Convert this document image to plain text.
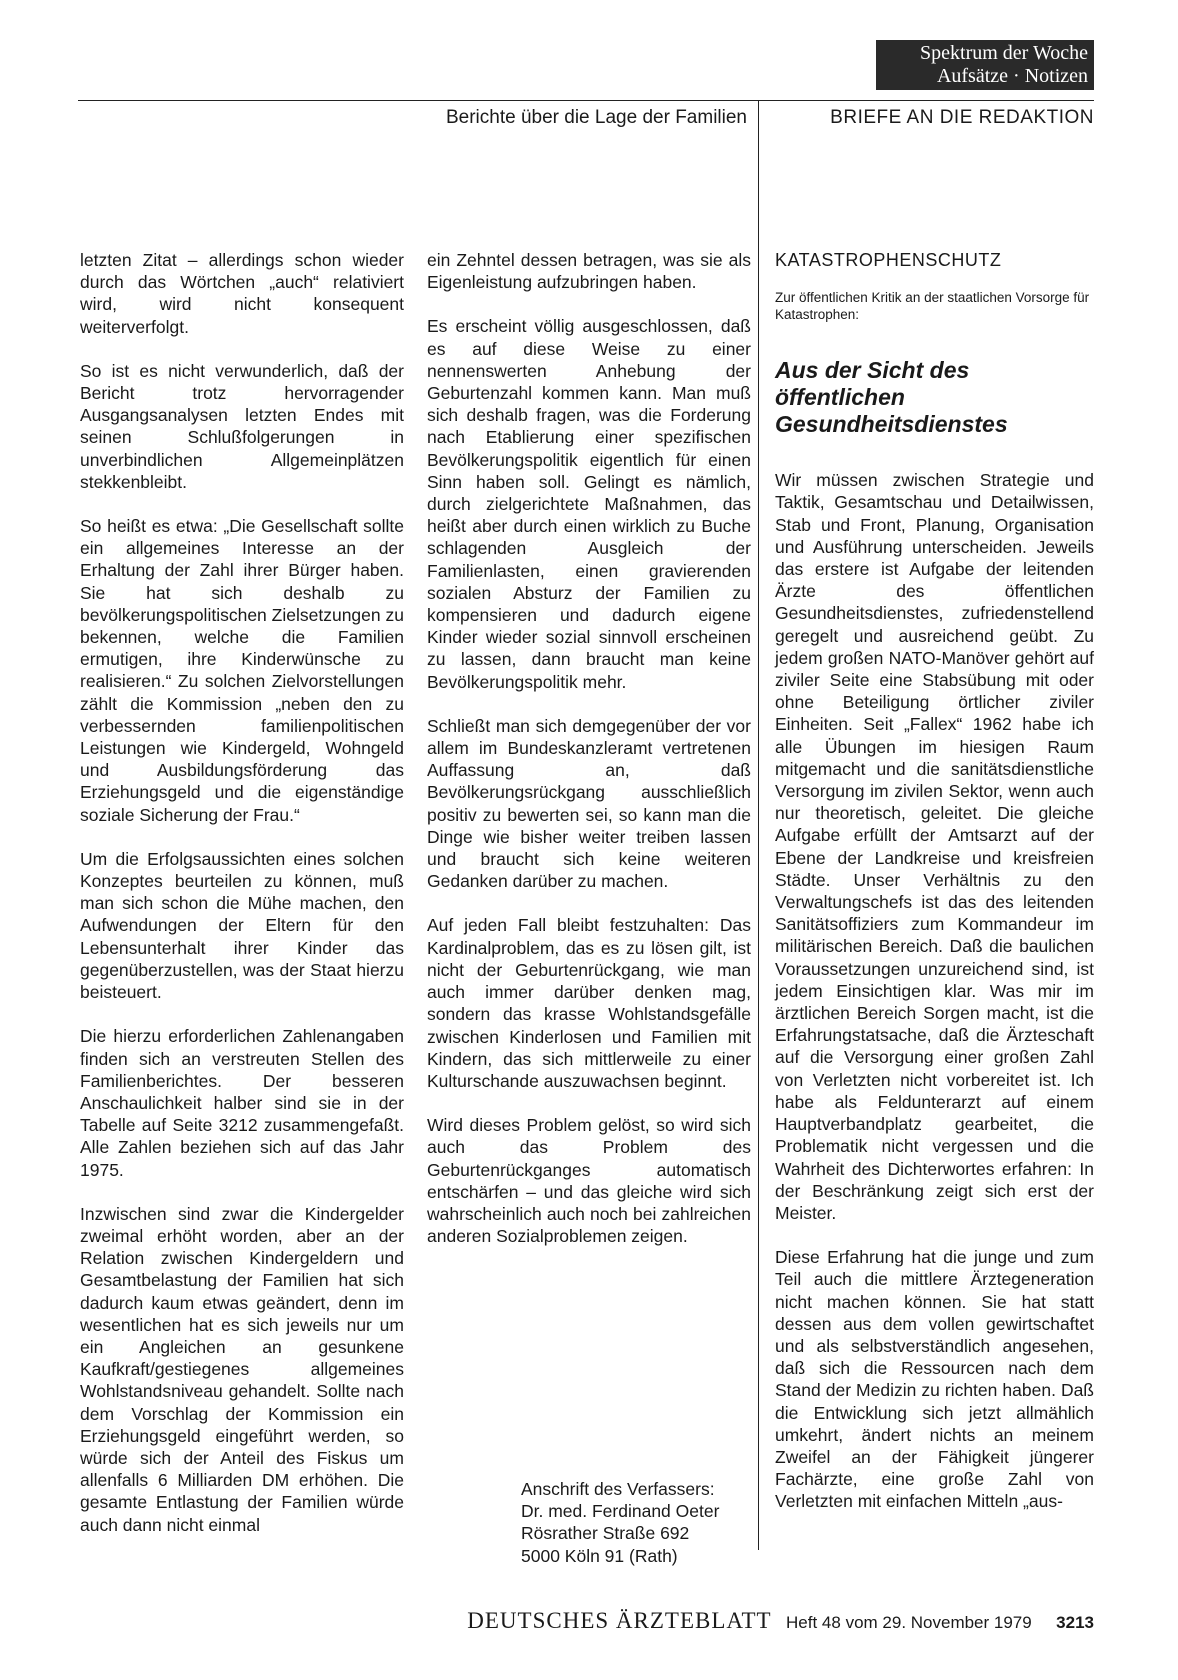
Spektrum der Woche
Aufsätze · Notizen
Berichte über die Lage der Familien	BRIEFE AN DIE REDAKTION

letzten Zitat – allerdings schon wieder durch das Wörtchen „auch“ relativiert wird, wird nicht konsequent weiterverfolgt.

So ist es nicht verwunderlich, daß der Bericht trotz hervorragender Ausgangsanalysen letzten Endes mit seinen Schlußfolgerungen in unverbindlichen Allgemeinplätzen stekkenbleibt.

So heißt es etwa: „Die Gesellschaft sollte ein allgemeines Interesse an der Erhaltung der Zahl ihrer Bürger haben. Sie hat sich deshalb zu bevölkerungspolitischen Zielsetzungen zu bekennen, welche die Familien ermutigen, ihre Kinderwünsche zu realisieren.“ Zu solchen Zielvorstellungen zählt die Kommission „neben den zu verbessernden familienpolitischen Leistungen wie Kindergeld, Wohngeld und Ausbildungsförderung das Erziehungsgeld und die eigenständige soziale Sicherung der Frau.“

Um die Erfolgsaussichten eines solchen Konzeptes beurteilen zu können, muß man sich schon die Mühe machen, den Aufwendungen der Eltern für den Lebensunterhalt ihrer Kinder das gegenüberzustellen, was der Staat hierzu beisteuert.

Die hierzu erforderlichen Zahlenangaben finden sich an verstreuten Stellen des Familienberichtes. Der besseren Anschaulichkeit halber sind sie in der Tabelle auf Seite 3212 zusammengefaßt. Alle Zahlen beziehen sich auf das Jahr 1975.

Inzwischen sind zwar die Kindergelder zweimal erhöht worden, aber an der Relation zwischen Kindergeldern und Gesamtbelastung der Familien hat sich dadurch kaum etwas geändert, denn im wesentlichen hat es sich jeweils nur um ein Angleichen an gesunkene Kaufkraft/gestiegenes allgemeines Wohlstandsniveau gehandelt. Sollte nach dem Vorschlag der Kommission ein Erziehungsgeld eingeführt werden, so würde sich der Anteil des Fiskus um allenfalls 6 Milliarden DM erhöhen. Die gesamte Entlastung der Familien würde auch dann nicht einmal

ein Zehntel dessen betragen, was sie als Eigenleistung aufzubringen haben.

Es erscheint völlig ausgeschlossen, daß es auf diese Weise zu einer nennenswerten Anhebung der Geburtenzahl kommen kann. Man muß sich deshalb fragen, was die Forderung nach Etablierung einer spezifischen Bevölkerungspolitik eigentlich für einen Sinn haben soll. Gelingt es nämlich, durch zielgerichtete Maßnahmen, das heißt aber durch einen wirklich zu Buche schlagenden Ausgleich der Familienlasten, einen gravierenden sozialen Absturz der Familien zu kompensieren und dadurch eigene Kinder wieder sozial sinnvoll erscheinen zu lassen, dann braucht man keine Bevölkerungspolitik mehr.

Schließt man sich demgegenüber der vor allem im Bundeskanzleramt vertretenen Auffassung an, daß Bevölkerungsrückgang ausschließlich positiv zu bewerten sei, so kann man die Dinge wie bisher weiter treiben lassen und braucht sich keine weiteren Gedanken darüber zu machen.

Auf jeden Fall bleibt festzuhalten: Das Kardinalproblem, das es zu lösen gilt, ist nicht der Geburtenrückgang, wie man auch immer darüber denken mag, sondern das krasse Wohlstandsgefälle zwischen Kinderlosen und Familien mit Kindern, das sich mittlerweile zu einer Kulturschande auszuwachsen beginnt.

Wird dieses Problem gelöst, so wird sich auch das Problem des Geburtenrückganges automatisch entschärfen – und das gleiche wird sich wahrscheinlich auch noch bei zahlreichen anderen Sozialproblemen zeigen.

Anschrift des Verfassers:
Dr. med. Ferdinand Oeter
Rösrather Straße 692
5000 Köln 91 (Rath)
KATASTROPHENSCHUTZ
Zur öffentlichen Kritik an der staatlichen Vorsorge für Katastrophen:
Aus der Sicht des öffentlichen Gesundheitsdienstes

Wir müssen zwischen Strategie und Taktik, Gesamtschau und Detailwissen, Stab und Front, Planung, Organisation und Ausführung unterscheiden. Jeweils das erstere ist Aufgabe der leitenden Ärzte des öffentlichen Gesundheitsdienstes, zufriedenstellend geregelt und ausreichend geübt. Zu jedem großen NATO-Manöver gehört auf ziviler Seite eine Stabsübung mit oder ohne Beteiligung örtlicher ziviler Einheiten. Seit „Fallex“ 1962 habe ich alle Übungen im hiesigen Raum mitgemacht und die sanitätsdienstliche Versorgung im zivilen Sektor, wenn auch nur theoretisch, geleitet. Die gleiche Aufgabe erfüllt der Amtsarzt auf der Ebene der Landkreise und kreisfreien Städte. Unser Verhältnis zu den Verwaltungschefs ist das des leitenden Sanitätsoffiziers zum Kommandeur im militärischen Bereich. Daß die baulichen Voraussetzungen unzureichend sind, ist jedem Einsichtigen klar. Was mir im ärztlichen Bereich Sorgen macht, ist die Erfahrungstatsache, daß die Ärzteschaft auf die Versorgung einer großen Zahl von Verletzten nicht vorbereitet ist. Ich habe als Feldunterarzt auf einem Hauptverbandplatz gearbeitet, die Problematik nicht vergessen und die Wahrheit des Dichterwortes erfahren: In der Beschränkung zeigt sich erst der Meister.

Diese Erfahrung hat die junge und zum Teil auch die mittlere Ärztegeneration nicht machen können. Sie hat statt dessen aus dem vollen gewirtschaftet und als selbstverständlich angesehen, daß sich die Ressourcen nach dem Stand der Medizin zu richten haben. Daß die Entwicklung sich jetzt allmählich umkehrt, ändert nichts an meinem Zweifel an der Fähigkeit jüngerer Fachärzte, eine große Zahl von Verletzten mit einfachen Mitteln „aus-

DEUTSCHES ÄRZTEBLATT Heft 48 vom 29. November 1979 3213
